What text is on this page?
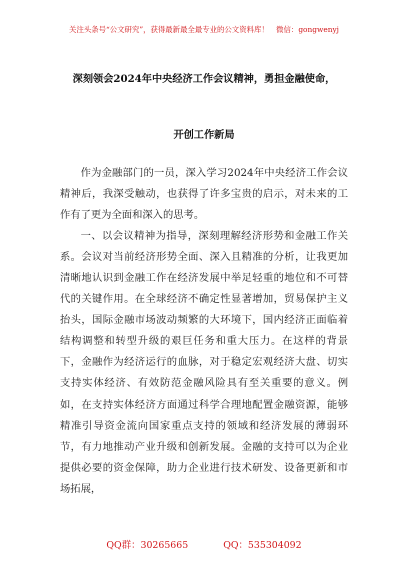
关注头条号“公文研究”，获得最新最全最专业的公文资料库！　微信：gongwenyj
深刻领会2024年中央经济工作会议精神，勇担金融使命，
开创工作新局

作为金融部门的一员，深入学习2024年中央经济工作会议精神后，我深受触动，也获得了许多宝贵的启示，对未来的工作有了更为全面和深入的思考。

一、以会议精神为指导，深刻理解经济形势和金融工作关系。会议对当前经济形势全面、深入且精准的分析，让我更加清晰地认识到金融工作在经济发展中举足轻重的地位和不可替代的关键作用。在全球经济不确定性显著增加，贸易保护主义抬头，国际金融市场波动频繁的大环境下，国内经济正面临着结构调整和转型升级的艰巨任务和重大压力。在这样的背景下，金融作为经济运行的血脉，对于稳定宏观经济大盘、切实支持实体经济、有效防范金融风险具有至关重要的意义。例如，在支持实体经济方面通过科学合理地配置金融资源，能够精准引导资金流向国家重点支持的领域和经济发展的薄弱环节，有力地推动产业升级和创新发展。金融的支持可以为企业提供必要的资金保障，助力企业进行技术研发、设备更新和市场拓展，

QQ群：30265665	QQ：535304092
